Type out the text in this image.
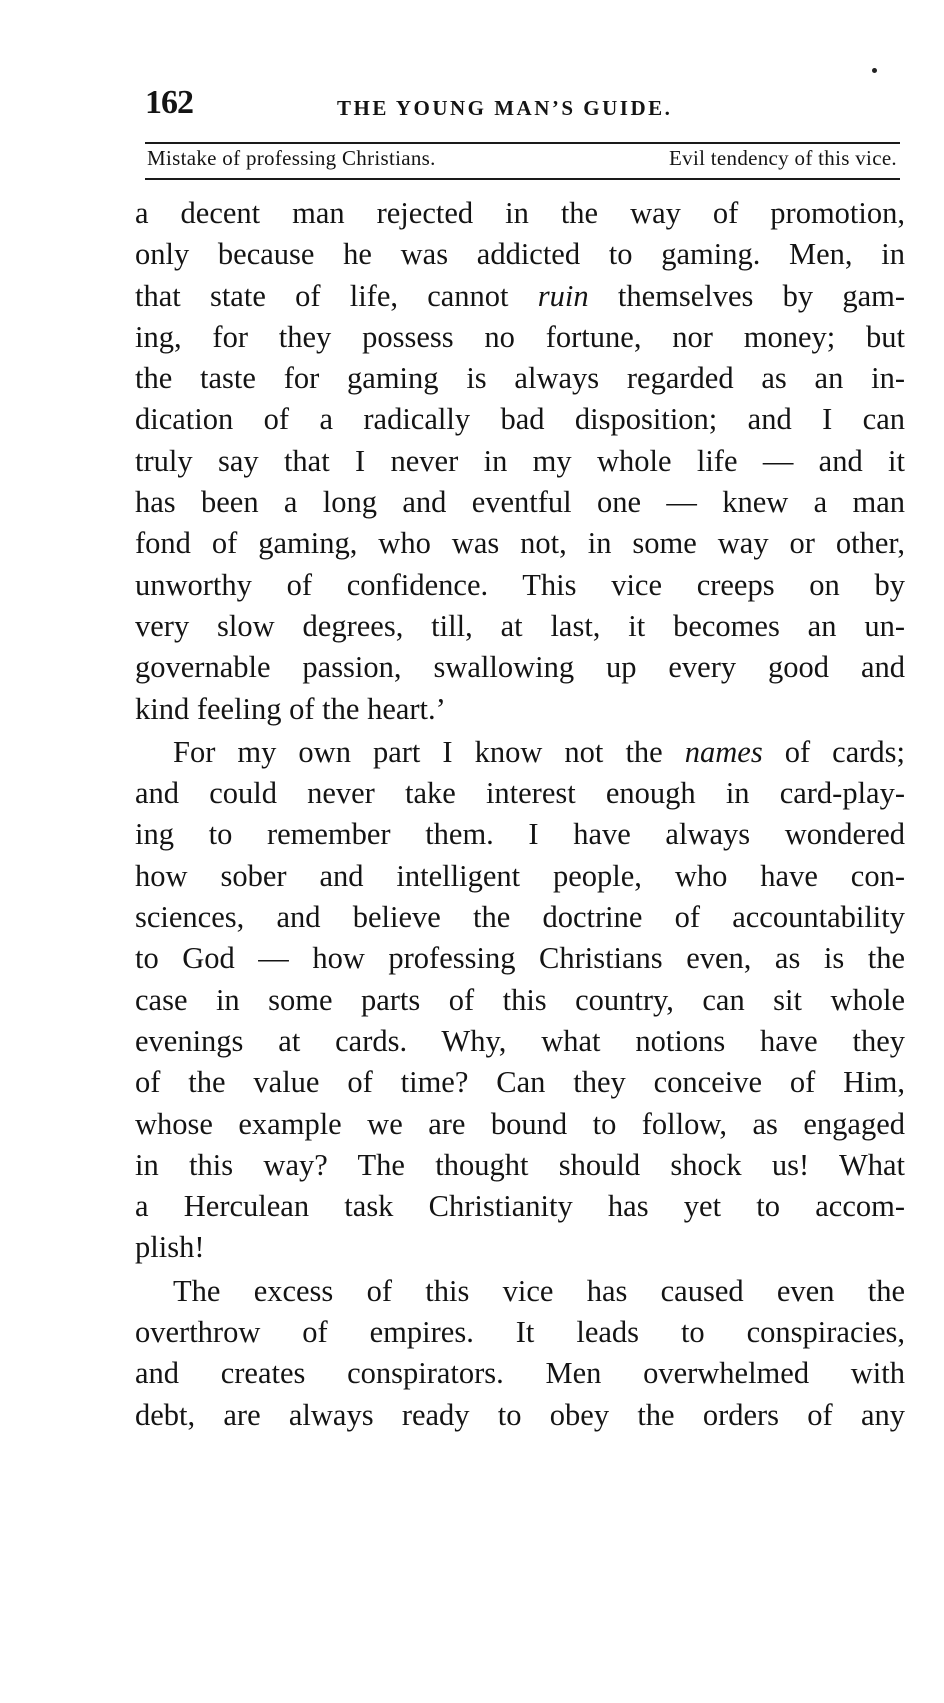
162	THE YOUNG MAN’S GUIDE.
Mistake of professing Christians.	Evil tendency of this vice.
a decent man rejected in the way of promotion,
only because he was addicted to gaming. Men, in
that state of life, cannot ruin themselves by gam-
ing, for they possess no fortune, nor money; but
the taste for gaming is always regarded as an in-
dication of a radically bad disposition; and I can
truly say that I never in my whole life — and it
has been a long and eventful one — knew a man
fond of gaming, who was not, in some way or other,
unworthy of confidence. This vice creeps on by
very slow degrees, till, at last, it becomes an un-
governable passion, swallowing up every good and
kind feeling of the heart.’
For my own part I know not the names of cards;
and could never take interest enough in card-play-
ing to remember them. I have always wondered
how sober and intelligent people, who have con-
sciences, and believe the doctrine of accountability
to God — how professing Christians even, as is the
case in some parts of this country, can sit whole
evenings at cards. Why, what notions have they
of the value of time? Can they conceive of Him,
whose example we are bound to follow, as engaged
in this way? The thought should shock us! What
a Herculean task Christianity has yet to accom-
plish!
The excess of this vice has caused even the
overthrow of empires. It leads to conspiracies,
and creates conspirators. Men overwhelmed with
debt, are always ready to obey the orders of any
